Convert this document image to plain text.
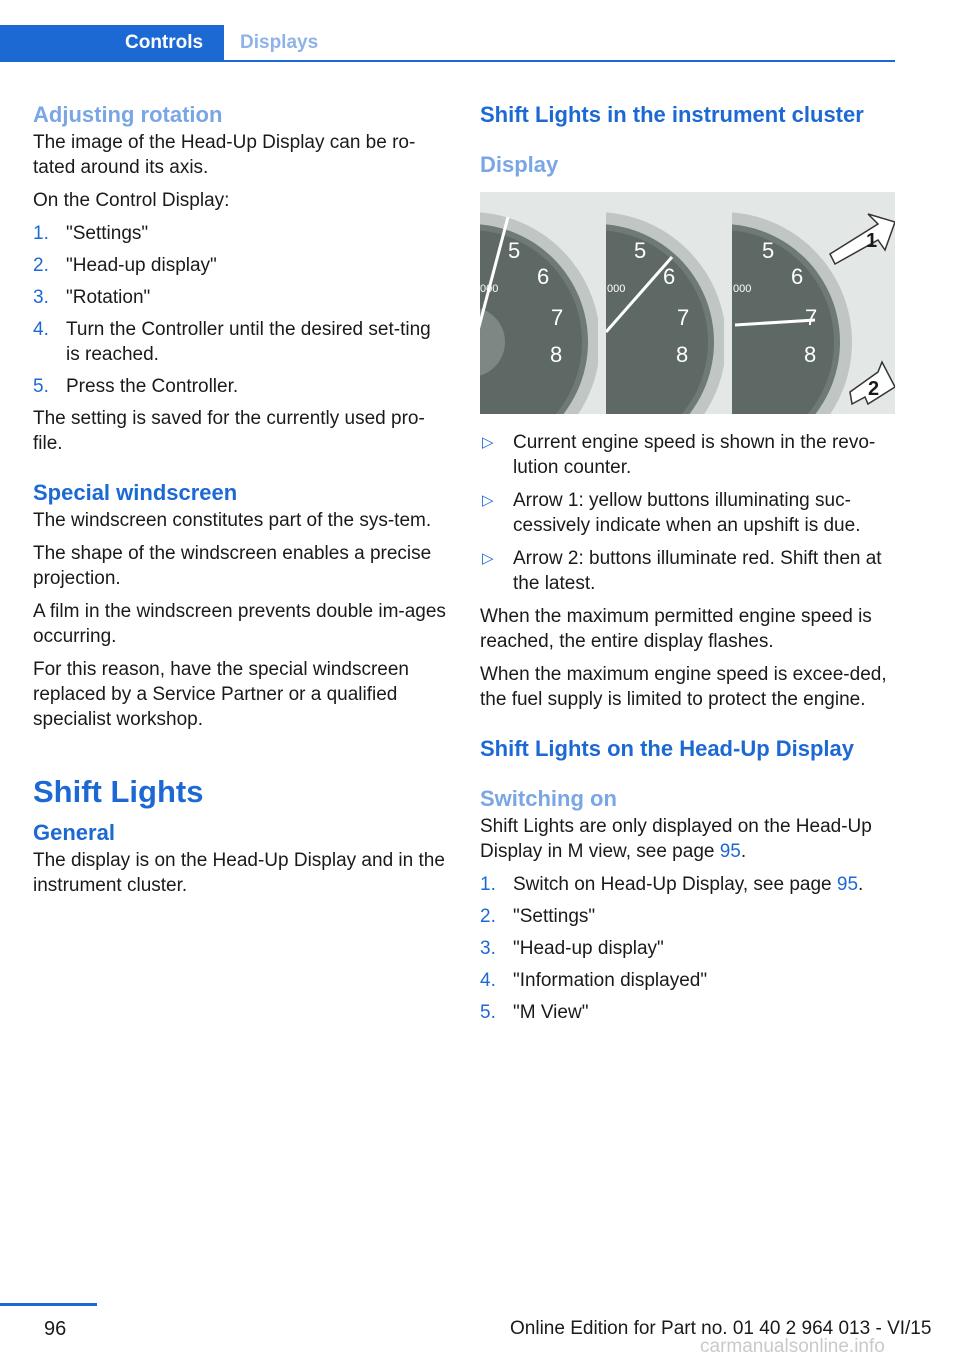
Controls	Displays
Adjusting rotation

The image of the Head-Up Display can be ro‐tated around its axis.

On the Control Display:

1. "Settings"
2. "Head-up display"
3. "Rotation"
4. Turn the Controller until the desired set‐ting is reached.
5. Press the Controller.

The setting is saved for the currently used pro‐file.

Special windscreen

The windscreen constitutes part of the sys‐tem.

The shape of the windscreen enables a precise projection.

A film in the windscreen prevents double im‐ages occurring.

For this reason, have the special windscreen replaced by a Service Partner or a qualified specialist workshop.

Shift Lights
General

The display is on the Head-Up Display and in the instrument cluster.

Shift Lights in the instrument cluster
Display
5
6
7
8
5
6
7
8
5
6
7
8
000	000	000
1
2
▷ Current engine speed is shown in the revo‐lution counter.
▷ Arrow 1: yellow buttons illuminating suc‐cessively indicate when an upshift is due.
▷ Arrow 2: buttons illuminate red. Shift then at the latest.

When the maximum permitted engine speed is reached, the entire display flashes.

When the maximum engine speed is excee‐ded, the fuel supply is limited to protect the engine.

Shift Lights on the Head-Up Display
Switching on

Shift Lights are only displayed on the Head-Up Display in M view, see page 95.

1. Switch on Head-Up Display, see page 95.
2. "Settings"
3. "Head-up display"
4. "Information displayed"
5. "M View"
96	Online Edition for Part no. 01 40 2 964 013 - VI/15
carmanualsonline.info
